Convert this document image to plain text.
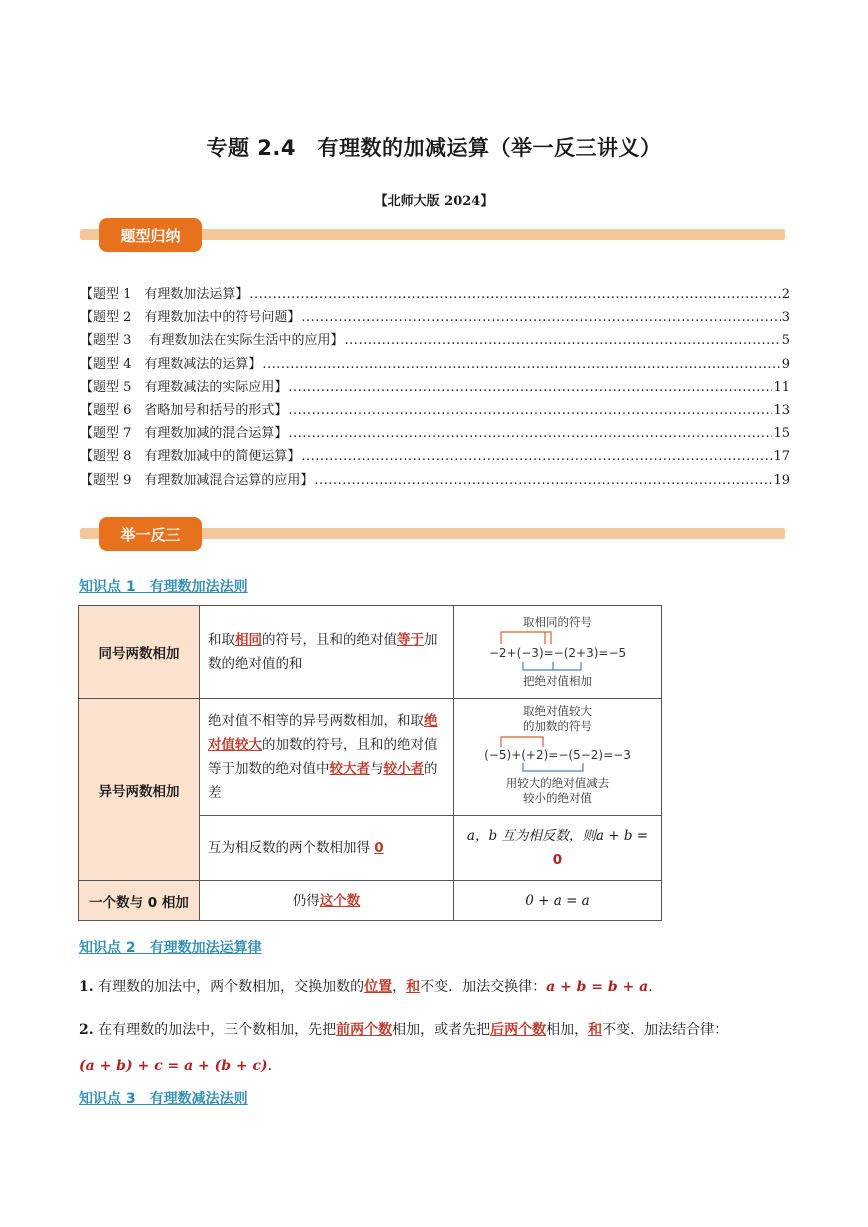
专题 2.4　有理数的加减运算（举一反三讲义）
【北师大版 2024】
题型归纳
【题型 1　有理数加法运算】 .....	2
【题型 2　有理数加法中的符号问题】 .....	3
【题型 3　 有理数加法在实际生活中的应用】 .....	5
【题型 4　有理数减法的运算】 .....	9
【题型 5　有理数减法的实际应用】 .....	11
【题型 6　省略加号和括号的形式】 .....	13
【题型 7　有理数加减的混合运算】 .....	15
【题型 8　有理数加减中的简便运算】 .....	17
【题型 9　有理数加减混合运算的应用】 .....	19
举一反三
知识点 1　有理数加法法则
同号两数相加	和取相同的符号，且和的绝对值等于加数的绝对值的和	取相同的符号
−2+(−3)=−(2+3)=−5
把绝对值相加

异号两数相加	绝对值不相等的异号两数相加，和取绝对值较大的加数的符号，且和的绝对值等于加数的绝对值中较大者与较小者的差	取绝对值较大
的加数的符号
(−5)+(+2)=−(5−2)=−3
用较大的绝对值减去
较小的绝对值

	互为相反数的两个数相加得 0	a，b 互为相反数，则a + b =
0
一个数与 0 相加	仍得这个数	0 + a = a
知识点 2　有理数加法运算律
1. 有理数的加法中，两个数相加，交换加数的位置，和不变．加法交换律：a + b = b + a.
2. 在有理数的加法中，三个数相加，先把前两个数相加，或者先把后两个数相加，和不变．加法结合律：
(a + b) + c = a + (b + c).
知识点 3　有理数减法法则
